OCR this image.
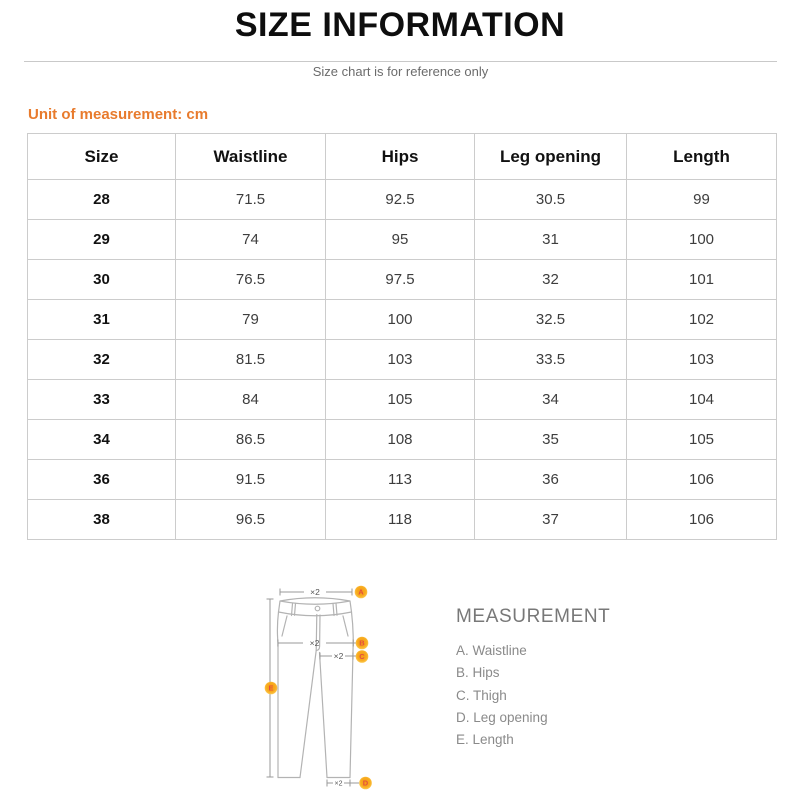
SIZE INFORMATION
Size chart is for reference only
Unit of measurement: cm
Size	Waistline	Hips	Leg opening	Length
28	71.5	92.5	30.5	99
29	74	95	31	100
30	76.5	97.5	32	101
31	79	100	32.5	102
32	81.5	103	33.5	103
33	84	105	34	104
34	86.5	108	35	105
36	91.5	113	36	106
38	96.5	118	37	106
×2
×2
×2
×2
A
B
C
D
E
MEASUREMENT
A. Waistline
B. Hips
C. Thigh
D. Leg opening
E. Length
